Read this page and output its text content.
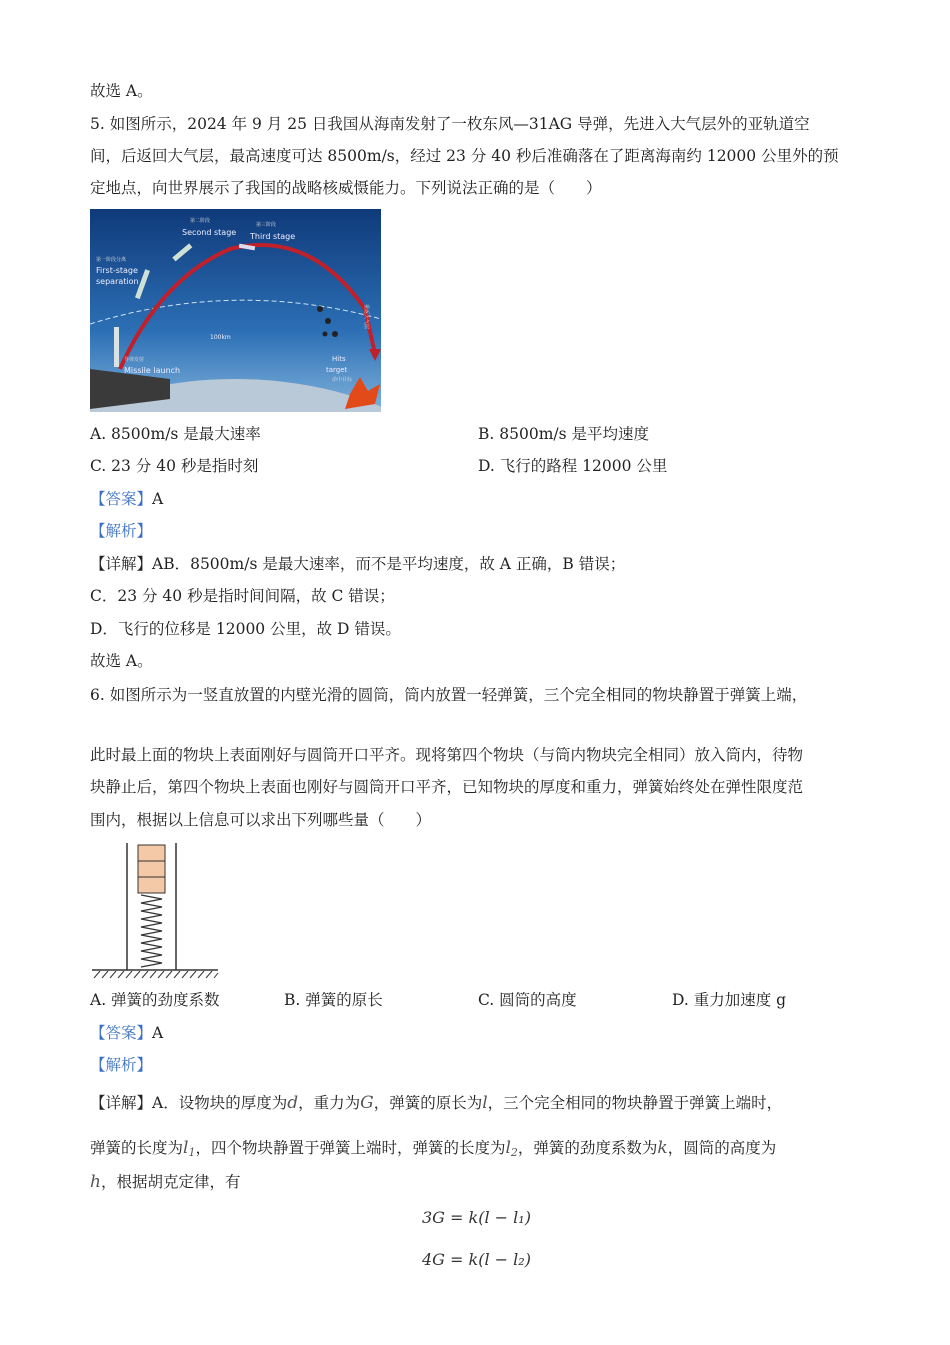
故选 A。
5. 如图所示，2024 年 9 月 25 日我国从海南发射了一枚东风—31AG 导弹，先进入大气层外的亚轨道空
间，后返回大气层，最高速度可达 8500m/s，经过 23 分 40 秒后准确落在了距离海南约 12000 公里外的预
定地点，向世界展示了我国的战略核威慑能力。下列说法正确的是（　　）
第二阶段
Second stage
第三阶段
Third stage
第一阶段分离
First-stage
separation
100km
导弹发射
Missile launch
Hits
target
命中目标
重返大气层
A. 8500m/s 是最大速率	B. 8500m/s 是平均速度
C. 23 分 40 秒是指时刻	D. 飞行的路程 12000 公里
【答案】A
【解析】
【详解】AB．8500m/s 是最大速率，而不是平均速度，故 A 正确，B 错误；
C．23 分 40 秒是指时间间隔，故 C 错误；
D．飞行的位移是 12000 公里，故 D 错误。
故选 A。
6. 如图所示为一竖直放置的内壁光滑的圆筒，筒内放置一轻弹簧，三个完全相同的物块静置于弹簧上端，
此时最上面的物块上表面刚好与圆筒开口平齐。现将第四个物块（与筒内物块完全相同）放入筒内，待物
块静止后，第四个物块上表面也刚好与圆筒开口平齐，已知物块的厚度和重力，弹簧始终处在弹性限度范
围内，根据以上信息可以求出下列哪些量（　　）
A. 弹簧的劲度系数	B. 弹簧的原长	C. 圆筒的高度	D. 重力加速度 g
【答案】A
【解析】
【详解】A．设物块的厚度为d，重力为G，弹簧的原长为l，三个完全相同的物块静置于弹簧上端时，
弹簧的长度为$l_1$，四个物块静置于弹簧上端时，弹簧的长度为$l_2$，弹簧的劲度系数为k，圆筒的高度为
h，根据胡克定律，有
3G = k(l − l₁)
4G = k(l − l₂)
